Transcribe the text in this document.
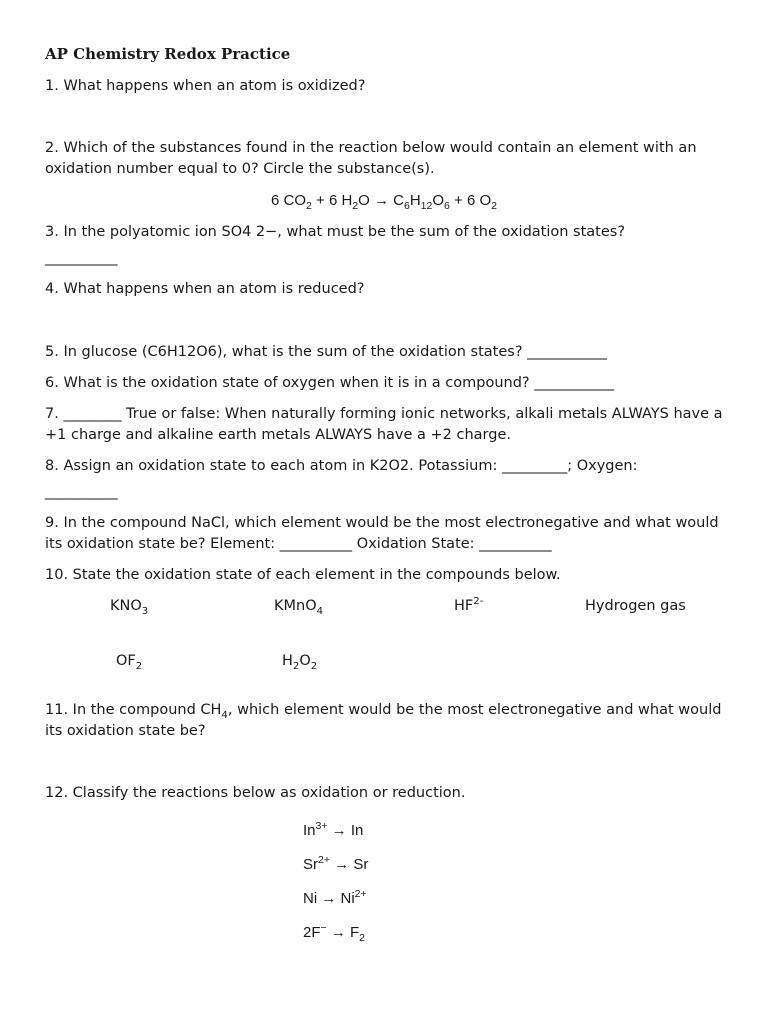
AP Chemistry Redox Practice

1. What happens when an atom is oxidized?

2. Which of the substances found in the reaction below would contain an element with an oxidation number equal to 0? Circle the substance(s).

6 $CO_2 + 6$ $H_2O \to C_6H_{12}O_6 + 6$ $O_2$

3. In the polyatomic ion SO4 2−, what must be the sum of the oxidation states?

__________

4. What happens when an atom is reduced?

5. In glucose (C6H12O6), what is the sum of the oxidation states? ___________

6. What is the oxidation state of oxygen when it is in a compound? ___________

7. ________ True or false: When naturally forming ionic networks, alkali metals ALWAYS have a +1 charge and alkaline earth metals ALWAYS have a +2 charge.

8. Assign an oxidation state to each atom in K2O2. Potassium: _________; Oxygen:

__________

9. In the compound NaCl, which element would be the most electronegative and what would its oxidation state be? Element: __________ Oxidation State: __________

10. State the oxidation state of each element in the compounds below.

$KNO_3$	KMnO$_4$	$HF^{2-}$	Hydrogen gas
$OF_2$	$H_2O_2$

11. In the compound $CH_4$, which element would be the most electronegative and what would its oxidation state be?

12. Classify the reactions below as oxidation or reduction.

$In^{3+} \to In$
$Sr^{2+} \to Sr$
$Ni \to Ni^{2+}$
$2F^- \to F_2$
